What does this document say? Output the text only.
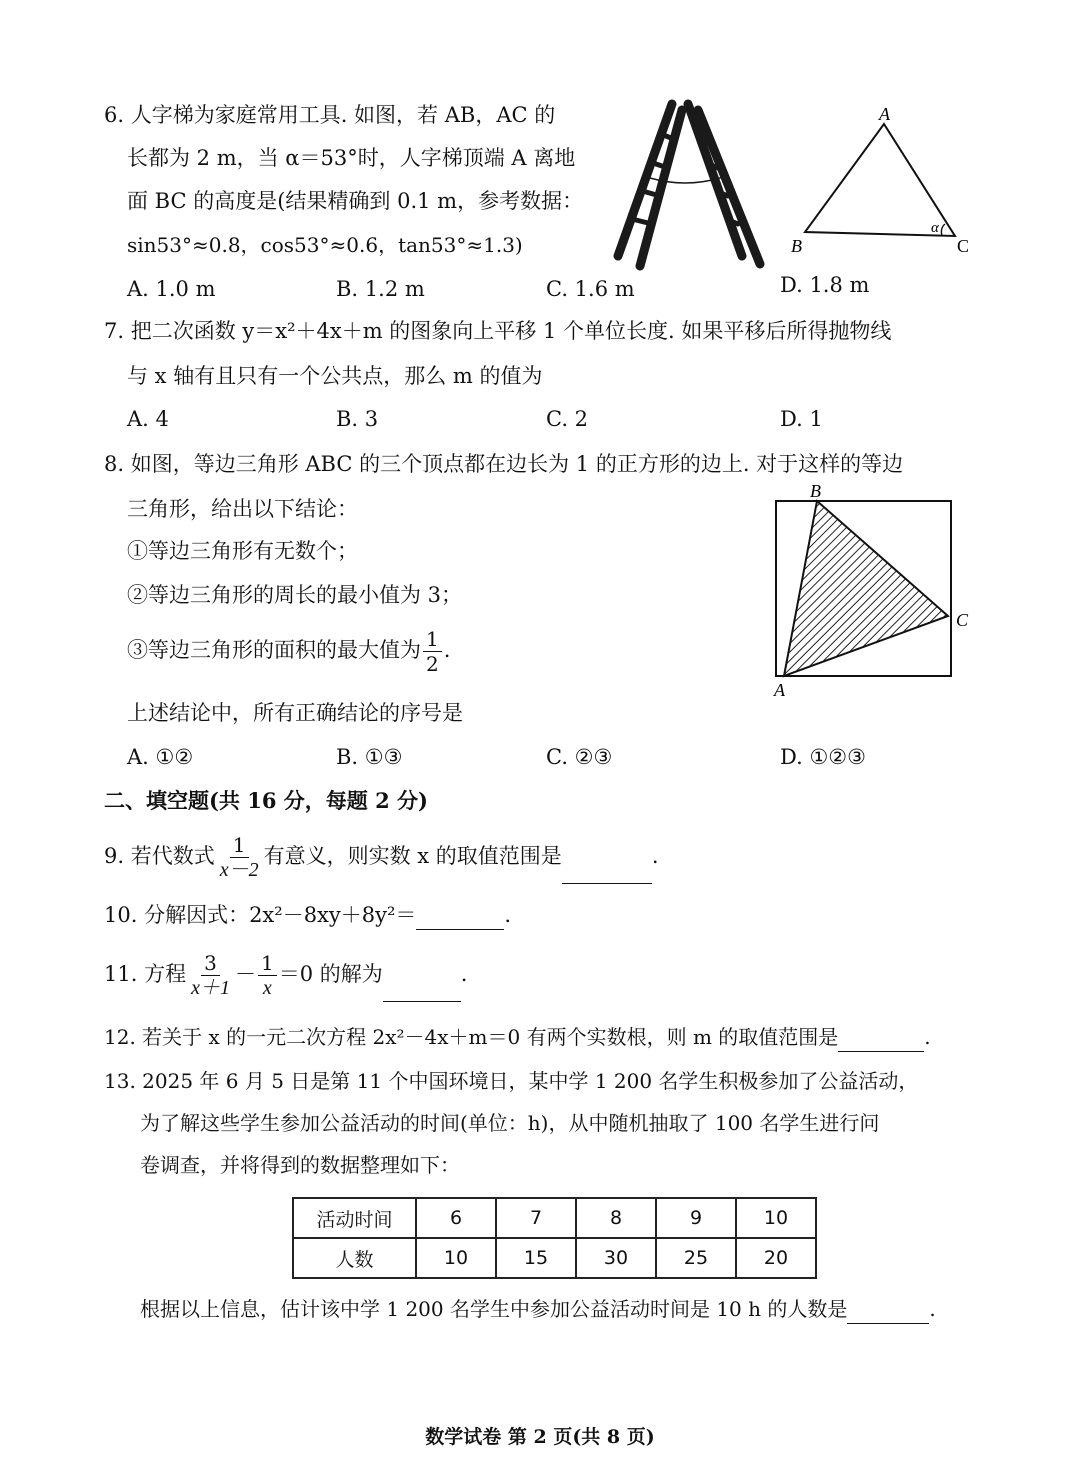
6. 人字梯为家庭常用工具. 如图，若 AB，AC 的
长都为 2 m，当 α＝53°时，人字梯顶端 A 离地
面 BC 的高度是(结果精确到 0.1 m，参考数据：
sin53°≈0.8，cos53°≈0.6，tan53°≈1.3)
A. 1.0 m	B. 1.2 m	C. 1.6 m	D. 1.8 m
A
B	C
α
7. 把二次函数 y＝x²＋4x＋m 的图象向上平移 1 个单位长度. 如果平移后所得抛物线
与 x 轴有且只有一个公共点，那么 m 的值为
A. 4	B. 3	C. 2	D. 1
8. 如图，等边三角形 ABC 的三个顶点都在边长为 1 的正方形的边上. 对于这样的等边
三角形，给出以下结论：
①等边三角形有无数个；
②等边三角形的周长的最小值为 3；
③等边三角形的面积的最大值为 $\frac{1}{2}$ .
上述结论中，所有正确结论的序号是
A. ①②	B. ①③	C. ②③	D. ①②③
B
C
A
二、填空题(共 16 分，每题 2 分)
9. 若代数式 $\frac{1}{x-2}$ 有意义，则实数 x 的取值范围是	.
10. 分解因式：2x²－8xy＋8y²＝	.
11. 方程 $\frac{3}{x+1} - \frac{1}{x} =0$ 的解为	.
12. 若关于 x 的一元二次方程 2x²－4x＋m＝0 有两个实数根，则 m 的取值范围是	.
13. 2025 年 6 月 5 日是第 11 个中国环境日，某中学 1 200 名学生积极参加了公益活动，
为了解这些学生参加公益活动的时间(单位：h)，从中随机抽取了 100 名学生进行问
卷调查，并将得到的数据整理如下：
活动时间	6	7	8	9	10
人数	10	15	30	25	20
根据以上信息，估计该中学 1 200 名学生中参加公益活动时间是 10 h 的人数是	.
数学试卷 第 2 页(共 8 页)
